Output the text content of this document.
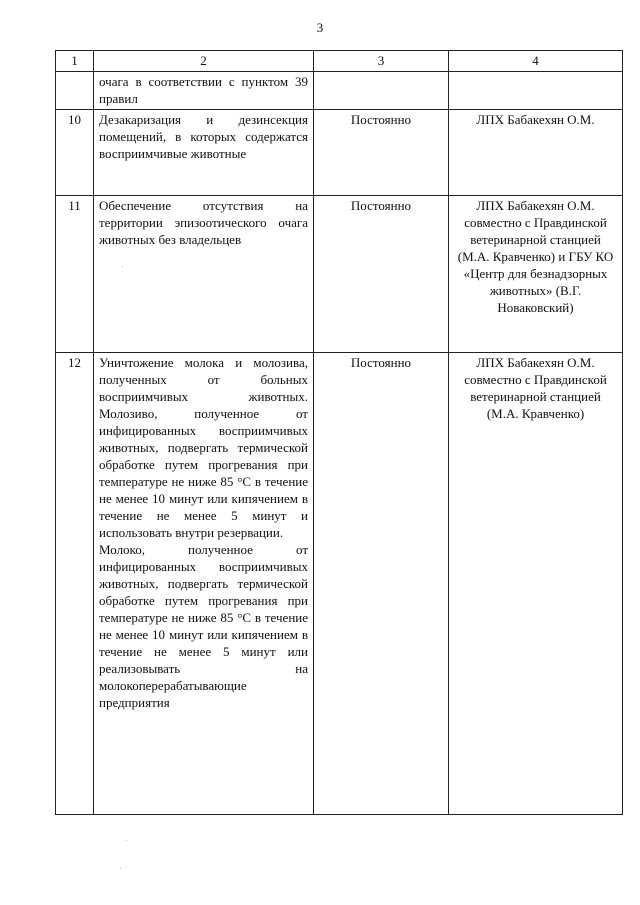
3
1	2	3	4
	очага в соответствии с пунктом 39 правил		
10	Дезакаризация и дезинсекция помещений, в которых содержатся восприимчивые животные	Постоянно	ЛПХ Бабакехян О.М.
11	Обеспечение отсутствия на территории эпизоотического очага животных без владельцев	Постоянно	ЛПХ Бабакехян О.М. совместно с Правдинской ветеринарной станцией (М.А. Кравченко) и ГБУ КО «Центр для безнадзорных животных» (В.Г. Новаковский)
12	Уничтожение молока и молозива, полученных от больных восприимчивых животных. Молозиво, полученное от инфицированных восприимчивых животных, подвергать термической обработке путем прогревания при температуре не ниже 85 °С в течение не менее 10 минут или кипячением в течение не менее 5 минут и использовать внутри резервации.

Молоко, полученное от инфицированных восприимчивых животных, подвергать термической обработке путем прогревания при температуре не ниже 85 °С в течение не менее 10 минут или кипячением в течение не менее 5 минут или реализовывать на молокоперерабатывающие предприятия	Постоянно	ЛПХ Бабакехян О.М. совместно с Правдинской ветеринарной станцией (М.А. Кравченко)
